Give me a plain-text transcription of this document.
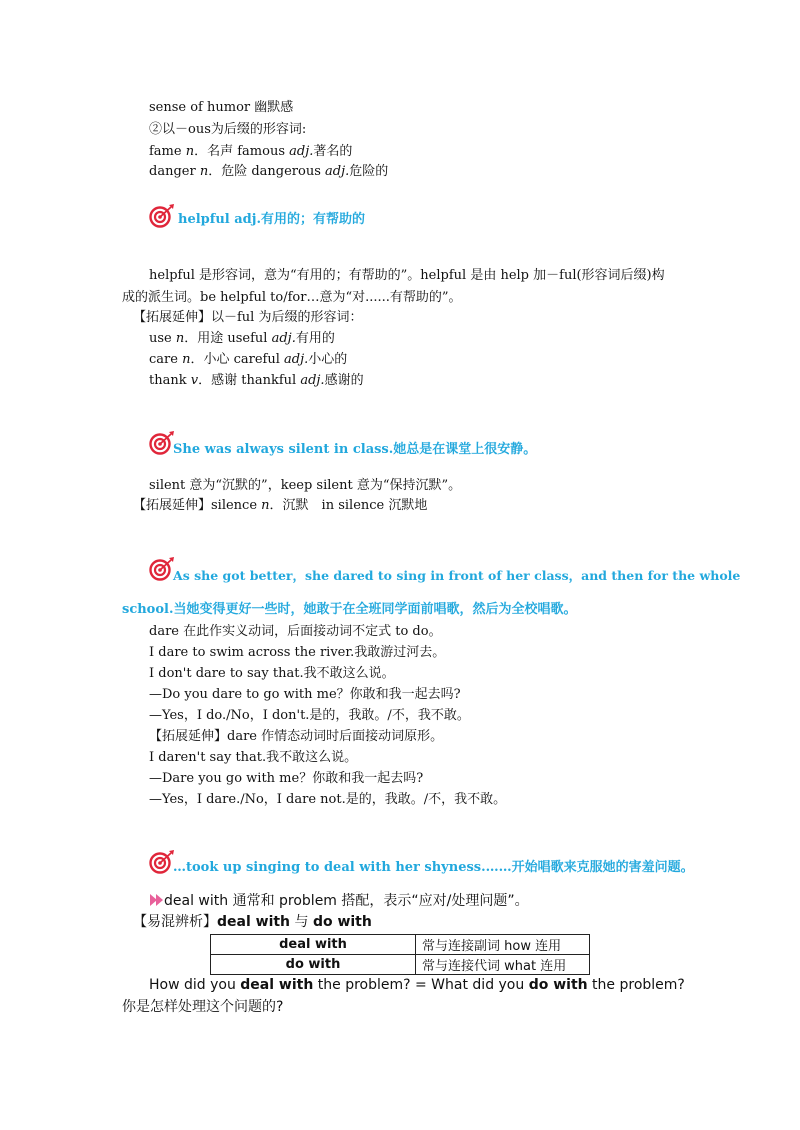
sense of humor 幽默感
②以－ous为后缀的形容词:
fame n．名声 famous adj.著名的
danger n．危险 dangerous adj.危险的
helpful adj.有用的；有帮助的
helpful 是形容词，意为“有用的；有帮助的”。helpful 是由 help 加－ful(形容词后缀)构
成的派生词。be helpful to/for…意为“对......有帮助的”。
【拓展延伸】以－ful 为后缀的形容词：
use n．用途 useful adj.有用的
care n．小心 careful adj.小心的
thank v．感谢 thankful adj.感谢的
She was always silent in class.她总是在课堂上很安静。
silent 意为“沉默的”，keep silent 意为“保持沉默”。
【拓展延伸】silence n．沉默　in silence 沉默地
As she got better，she dared to sing in front of her class，and then for the whole
school.当她变得更好一些时，她敢于在全班同学面前唱歌，然后为全校唱歌。
dare 在此作实义动词，后面接动词不定式 to do。
I dare to swim across the river.我敢游过河去。
I don't dare to say that.我不敢这么说。
—Do you dare to go with me？你敢和我一起去吗?
—Yes，I do./No，I don't.是的，我敢。/不，我不敢。
【拓展延伸】dare 作情态动词时后面接动词原形。
I daren't say that.我不敢这么说。
—Dare you go with me？你敢和我一起去吗?
—Yes，I dare./No，I dare not.是的，我敢。/不，我不敢。
…took up singing to deal with her shyness.……开始唱歌来克服她的害羞问题。
deal with 通常和 problem 搭配，表示“应对/处理问题”。
【易混辨析】deal with 与 do with
deal with	常与连接副词 how 连用
do with	常与连接代词 what 连用
How did you deal with the problem? = What did you do with the problem?
你是怎样处理这个问题的?
